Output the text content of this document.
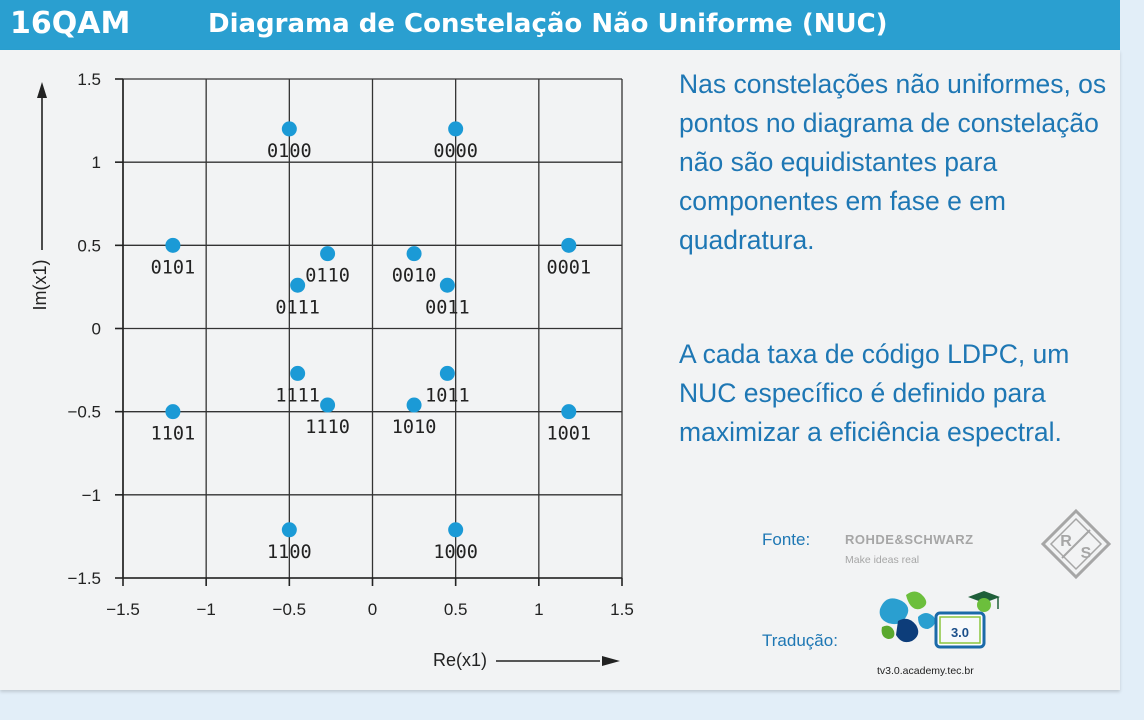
16QAM	Diagrama de Constelação Não Uniforme (NUC)
1.5
1
0.5
0
−0.5
−1
−1.5
−1.5	−1	−0.5	0	0.5	1	1.5
0100	0000
0101	0110
0111
0010
0011
0001
1111
1110 1010
1011
1101	1001
1100	1000
Im(x1)
Re(x1)
Nas constelações não uniformes, os pontos no diagrama de constelação não são equidistantes para componentes em fase e em quadratura.
A cada taxa de código LDPC, um NUC específico é definido para maximizar a eficiência espectral.
Fonte:	ROHDE&SCHWARZ
Make ideas real
R
S
Tradução:	3.0
tv3.0.academy.tec.br
